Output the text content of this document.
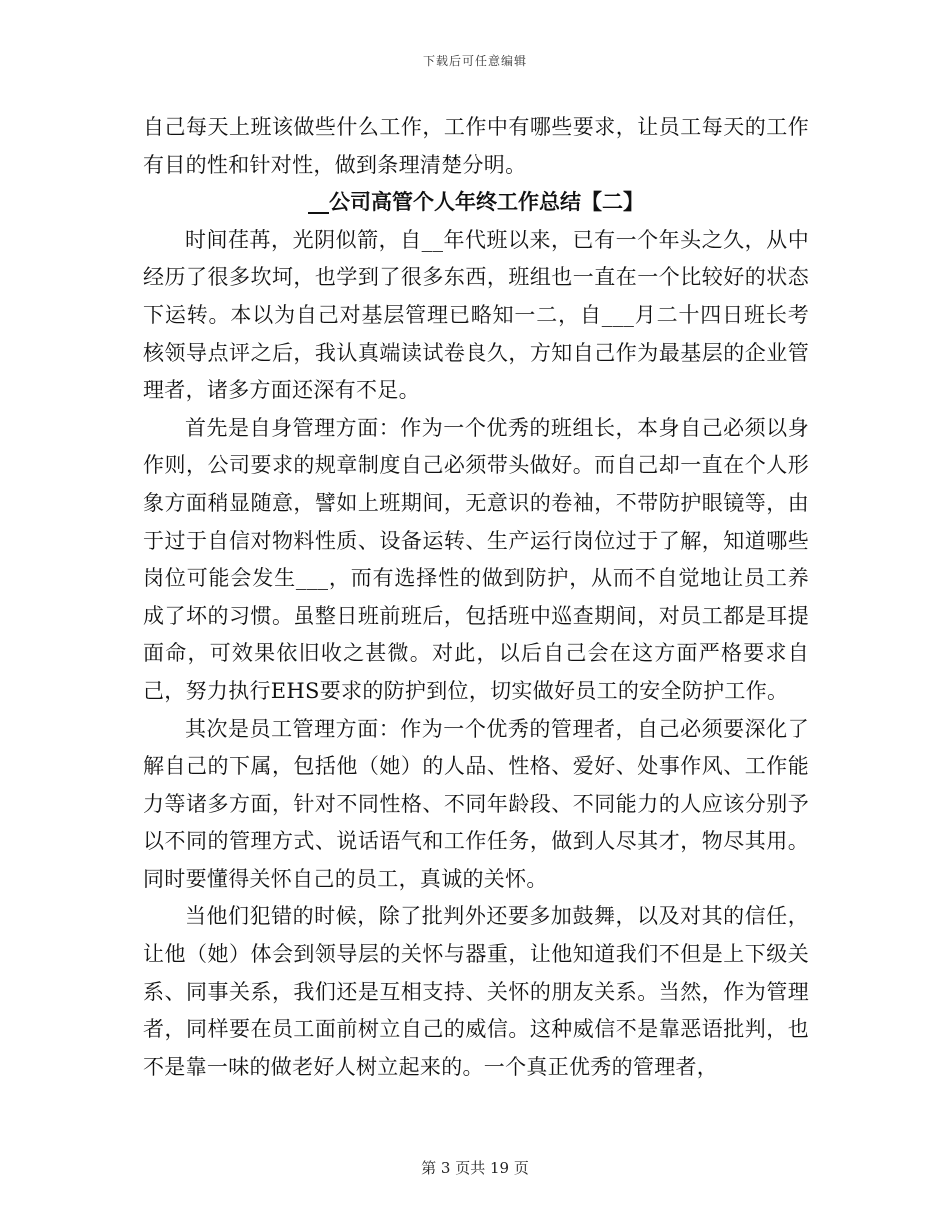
下载后可任意编辑

自己每天上班该做些什么工作，工作中有哪些要求，让员工每天的工作有目的性和针对性，做到条理清楚分明。

__公司高管个人年终工作总结【二】

时间荏苒，光阴似箭，自__年代班以来，已有一个年头之久，从中经历了很多坎坷，也学到了很多东西，班组也一直在一个比较好的状态下运转。本以为自己对基层管理已略知一二，自___月二十四日班长考核领导点评之后，我认真端读试卷良久，方知自己作为最基层的企业管理者，诸多方面还深有不足。

首先是自身管理方面：作为一个优秀的班组长，本身自己必须以身作则，公司要求的规章制度自己必须带头做好。而自己却一直在个人形象方面稍显随意，譬如上班期间，无意识的卷袖，不带防护眼镜等，由于过于自信对物料性质、设备运转、生产运行岗位过于了解，知道哪些岗位可能会发生___，而有选择性的做到防护，从而不自觉地让员工养成了坏的习惯。虽整日班前班后，包括班中巡查期间，对员工都是耳提面命，可效果依旧收之甚微。对此，以后自己会在这方面严格要求自己，努力执行EHS要求的防护到位，切实做好员工的安全防护工作。

其次是员工管理方面：作为一个优秀的管理者，自己必须要深化了解自己的下属，包括他（她）的人品、性格、爱好、处事作风、工作能力等诸多方面，针对不同性格、不同年龄段、不同能力的人应该分别予以不同的管理方式、说话语气和工作任务，做到人尽其才，物尽其用。同时要懂得关怀自己的员工，真诚的关怀。

当他们犯错的时候，除了批判外还要多加鼓舞，以及对其的信任，让他（她）体会到领导层的关怀与器重，让他知道我们不但是上下级关系、同事关系，我们还是互相支持、关怀的朋友关系。当然，作为管理者，同样要在员工面前树立自己的威信。这种威信不是靠恶语批判，也不是靠一味的做老好人树立起来的。一个真正优秀的管理者，

第 3 页共 19 页
